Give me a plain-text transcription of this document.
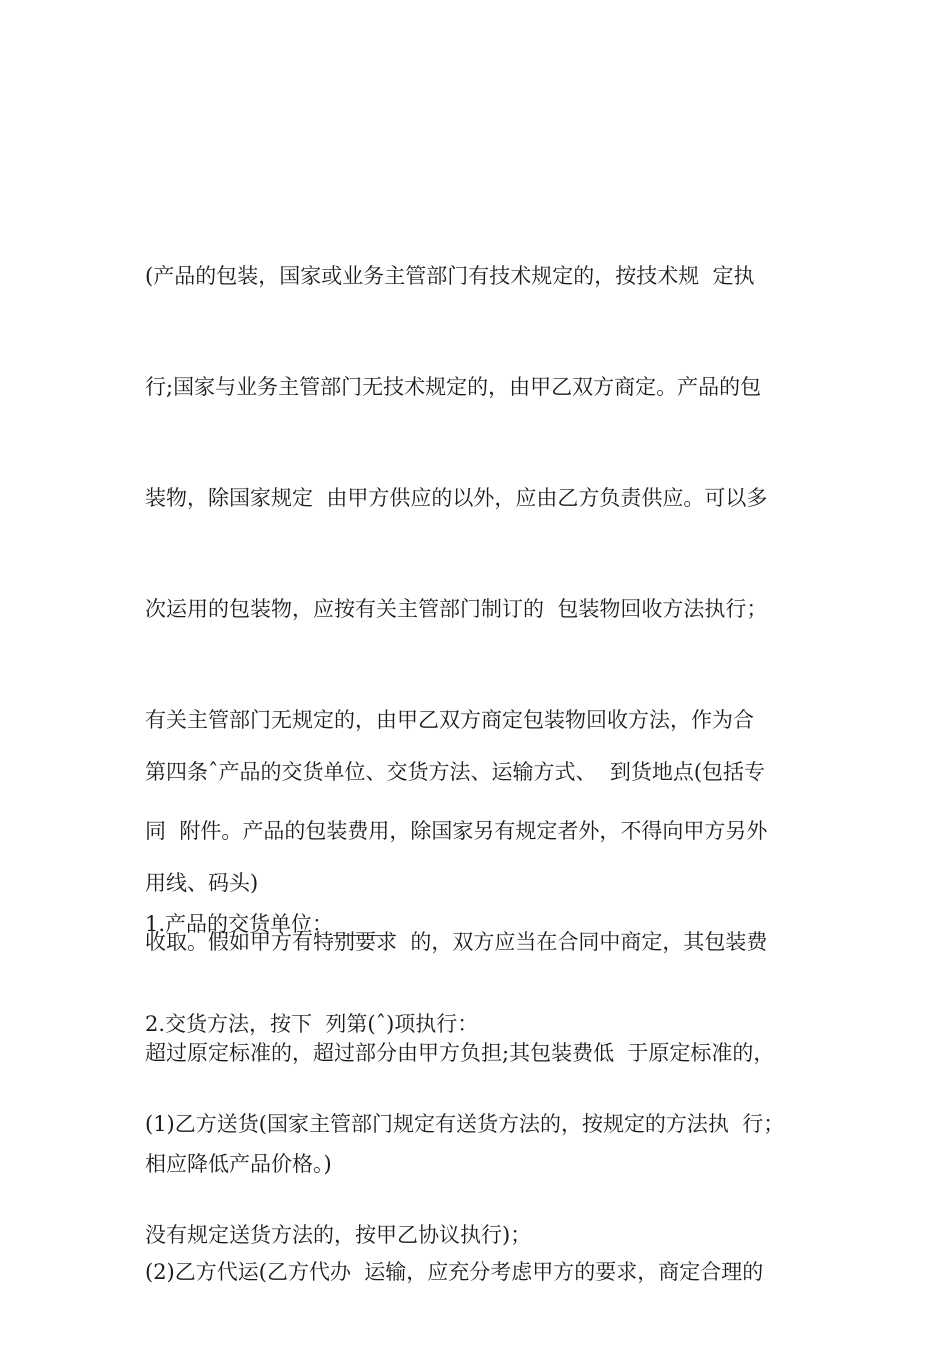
(产品的包装，国家或业务主管部门有技术规定的，按技术规  定执

行;国家与业务主管部门无技术规定的，由甲乙双方商定。产品的包

装物，除国家规定  由甲方供应的以外，应由乙方负责供应。可以多

次运用的包装物，应按有关主管部门制订的  包装物回收方法执行；

有关主管部门无规定的，由甲乙双方商定包装物回收方法，作为合

同  附件。产品的包装费用，除国家另有规定者外，不得向甲方另外

收取。假如甲方有特别要求  的，双方应当在合同中商定，其包装费

超过原定标准的，超过部分由甲方负担;其包装费低  于原定标准的，

相应降低产品价格。)

第四条ˆ产品的交货单位、交货方法、运输方式、  到货地点(包括专

用线、码头)

1.产品的交货单位：______

2.交货方法，按下  列第(ˆ)项执行：

(1)乙方送货(国家主管部门规定有送货方法的，按规定的方法执  行；

没有规定送货方法的，按甲乙协议执行)；

(2)乙方代运(乙方代办  运输，应充分考虑甲方的要求，商定合理的
